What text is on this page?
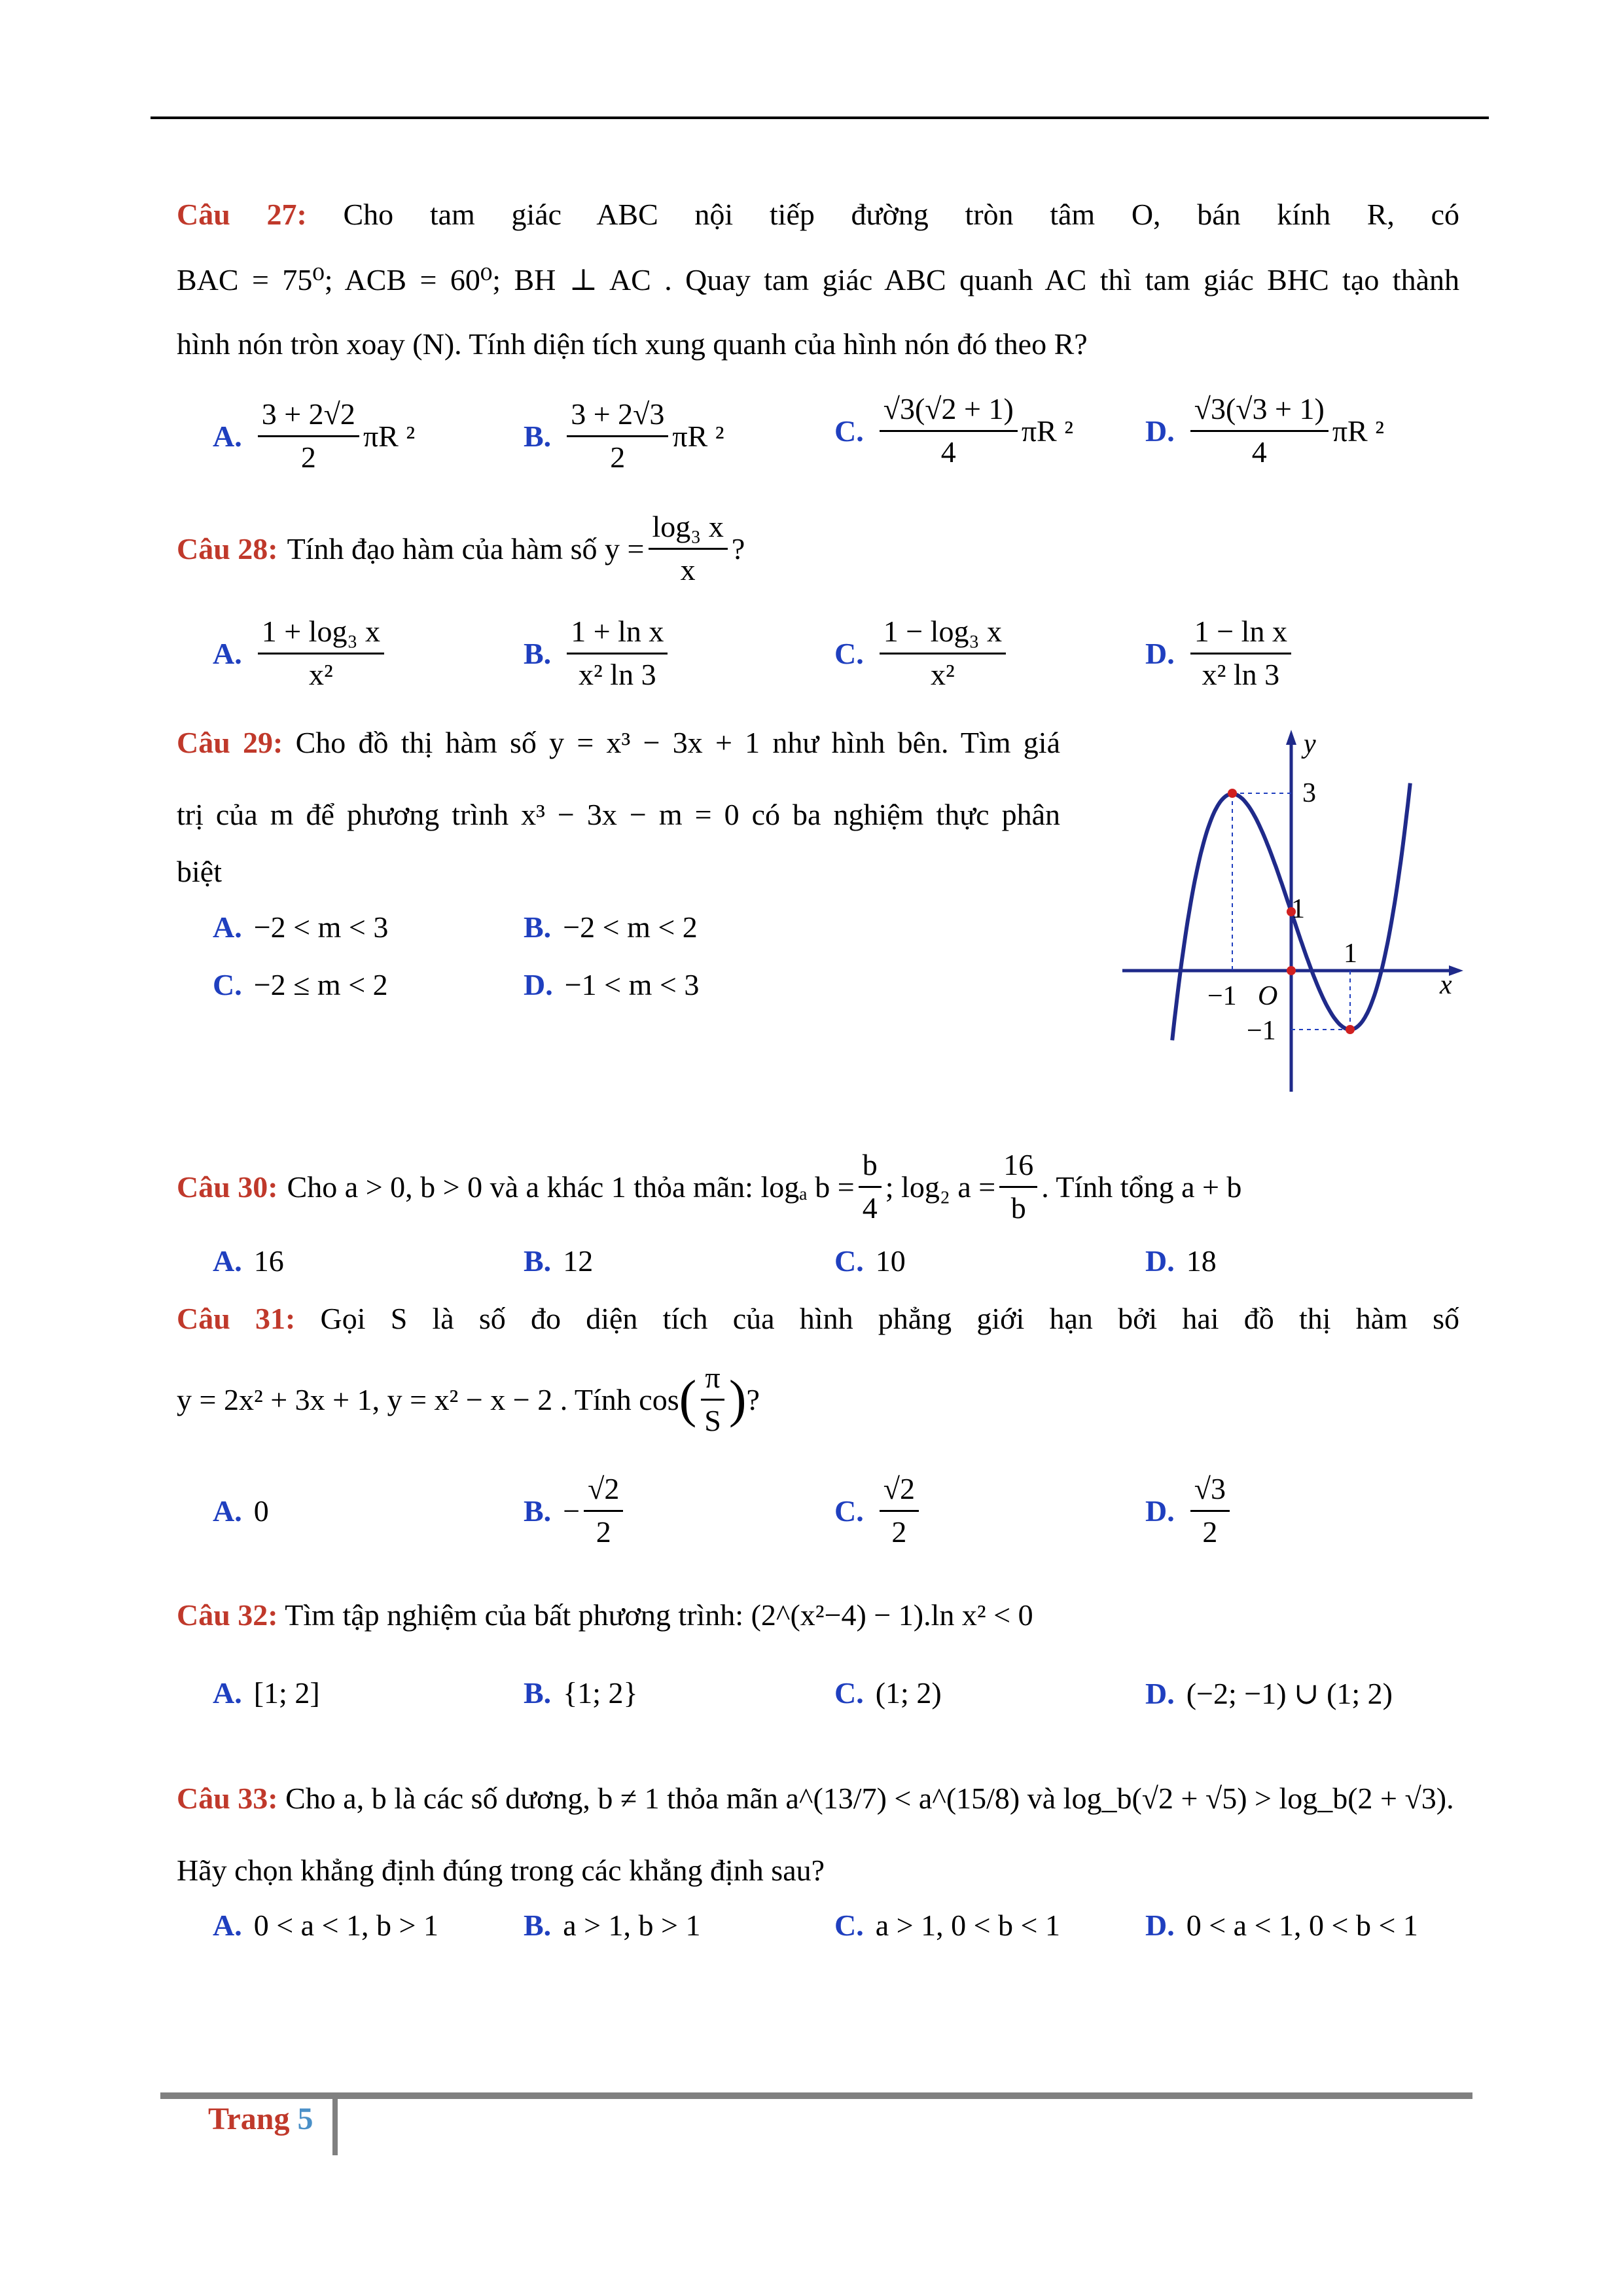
Câu 27: Cho tam giác ABC nội tiếp đường tròn tâm O, bán kính R, có
BAC = 75⁰; ACB = 60⁰; BH ⊥ AC . Quay tam giác ABC quanh AC thì tam giác BHC tạo thành
hình nón tròn xoay (N). Tính diện tích xung quanh của hình nón đó theo R?
A. $\frac{3 + 2√2}{2}$ πR ²	B. $\frac{3 + 2√3}{2}$ πR ²	C. $\frac{√3(√2 + 1)}{4}$ πR ² D. $\frac{√3(√3 + 1)}{4}$ πR ²
Câu 28: Tính đạo hàm của hàm số $y = \frac{\text{log₃ x}}{x}$ ?
A. $\frac{\text{1 + log₃ x}}{\text{x²}}$	B. $\frac{\text{1 + ln x}}{\text{x² ln 3}}$	C. $\frac{\text{1 − log₃ x}}{\text{x²}}$	D. $\frac{\text{1 − ln x}}{\text{x² ln 3}}$
Câu 29: Cho đồ thị hàm số y = x³ − 3x + 1 như hình bên. Tìm giá
trị của m để phương trình x³ − 3x − m = 0 có ba nghiệm thực phân
biệt
A. −2 < m < 3	B. −2 < m < 2
C. −2 ≤ m < 2	D. −1 < m < 3
y
x
3
1
−1
−1 O
1
Câu 30: Cho a > 0, b > 0 và a khác 1 thỏa mãn: logₐ $b = \frac{b}{4}$ ; log₂ $a = \frac{16}{b}$ . Tính tổng a + b
A. 16	B. 12	C. 10	D. 18
Câu 31: Gọi S là số đo diện tích của hình phẳng giới hạn bởi hai đồ thị hàm số
y = 2x² + 3x + 1, y = x² − x − 2 . Tính cos ( $\frac{\pi}{S}$ ) ?
A. 0	B. − $\frac{√2}{2}$	C. $\frac{√2}{2}$	D. $\frac{√3}{2}$
Câu 32: Tìm tập nghiệm của bất phương trình: (2^(x²−4) − 1).ln x² < 0
A. [1; 2]	B. {1; 2}	C. (1; 2)	D. (−2; −1) ∪ (1; 2)
Câu 33: Cho a, b là các số dương, b ≠ 1 thỏa mãn a^(13/7) < a^(15/8) và log_b(√2 + √5) > log_b(2 + √3).
Hãy chọn khẳng định đúng trong các khẳng định sau?
A. 0 < a < 1, b > 1	B. a > 1, b > 1	C. a > 1, 0 < b < 1	D. 0 < a < 1, 0 < b < 1
Trang 5
